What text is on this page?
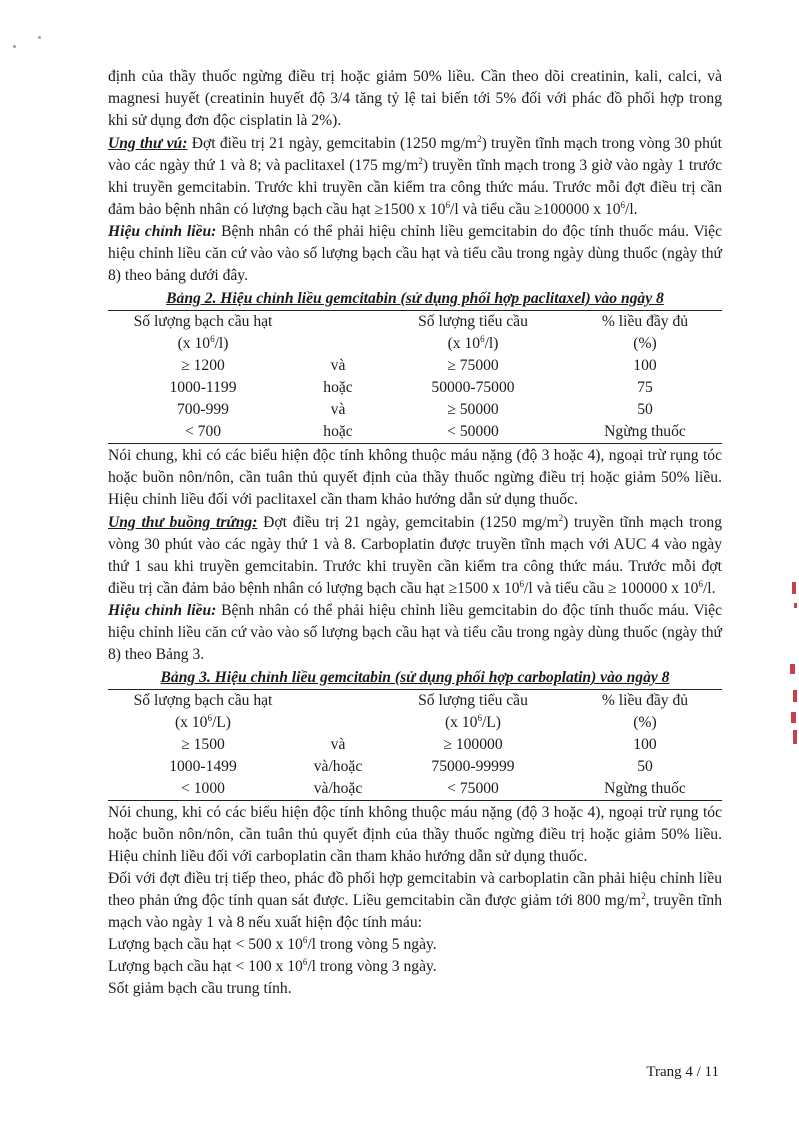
định của thầy thuốc ngừng điều trị hoặc giảm 50% liều. Cần theo dõi creatinin, kali, calci, và magnesi huyết (creatinin huyết độ 3/4 tăng tỷ lệ tai biến tới 5% đối với phác đồ phối hợp trong khi sử dụng đơn độc cisplatin là 2%).

Ung thư vú: Đợt điều trị 21 ngày, gemcitabin (1250 $mg/m^2$) truyền tĩnh mạch trong vòng 30 phút vào các ngày thứ 1 và 8; và paclitaxel (175 $mg/m^2$) truyền tĩnh mạch trong 3 giờ vào ngày 1 trước khi truyền gemcitabin. Trước khi truyền cần kiểm tra công thức máu. Trước mỗi đợt điều trị cần đảm bảo bệnh nhân có lượng bạch cầu hạt ≥1500 x $10^6/l$ và tiểu cầu ≥100000 x $10^6/l$.

Hiệu chỉnh liều: Bệnh nhân có thể phải hiệu chỉnh liều gemcitabin do độc tính thuốc máu. Việc hiệu chỉnh liều căn cứ vào vào số lượng bạch cầu hạt và tiểu cầu trong ngày dùng thuốc (ngày thứ 8) theo bảng dưới đây.

Bảng 2. Hiệu chỉnh liều gemcitabin (sử dụng phối hợp paclitaxel) vào ngày 8
Số lượng bạch cầu hạt		Số lượng tiểu cầu	% liều đầy đủ
(x $10^6/l$)		(x $10^6/l$)	(%)
≥ 1200	và	≥ 75000	100
1000-1199	hoặc	50000-75000	75
700-999	và	≥ 50000	50
< 700	hoặc	< 50000	Ngừng thuốc

Nói chung, khi có các biểu hiện độc tính không thuộc máu nặng (độ 3 hoặc 4), ngoại trừ rụng tóc hoặc buồn nôn/nôn, cần tuân thủ quyết định của thầy thuốc ngừng điều trị hoặc giảm 50% liều. Hiệu chỉnh liều đối với paclitaxel cần tham khảo hướng dẫn sử dụng thuốc.

Ung thư buồng trứng: Đợt điều trị 21 ngày, gemcitabin (1250 $mg/m^2$) truyền tĩnh mạch trong vòng 30 phút vào các ngày thứ 1 và 8. Carboplatin được truyền tĩnh mạch với AUC 4 vào ngày thứ 1 sau khi truyền gemcitabin. Trước khi truyền cần kiểm tra công thức máu. Trước mỗi đợt điều trị cần đảm bảo bệnh nhân có lượng bạch cầu hạt ≥1500 x $10^6/l$ và tiểu cầu ≥ 100000 x $10^6/l$.

Hiệu chỉnh liều: Bệnh nhân có thể phải hiệu chỉnh liều gemcitabin do độc tính thuốc máu. Việc hiệu chỉnh liều căn cứ vào vào số lượng bạch cầu hạt và tiểu cầu trong ngày dùng thuốc (ngày thứ 8) theo Bảng 3.

Bảng 3. Hiệu chỉnh liều gemcitabin (sử dụng phối hợp carboplatin) vào ngày 8
Số lượng bạch cầu hạt		Số lượng tiểu cầu	% liều đầy đủ
(x $10^6/L$)		(x $10^6/L$)	(%)
≥ 1500	và	≥ 100000	100
1000-1499	và/hoặc	75000-99999	50
< 1000	và/hoặc	< 75000	Ngừng thuốc

Nói chung, khi có các biểu hiện độc tính không thuộc máu nặng (độ 3 hoặc 4), ngoại trừ rụng tóc hoặc buồn nôn/nôn, cần tuân thủ quyết định của thầy thuốc ngừng điều trị hoặc giảm 50% liều. Hiệu chỉnh liều đối với carboplatin cần tham khảo hướng dẫn sử dụng thuốc.

Đối với đợt điều trị tiếp theo, phác đồ phối hợp gemcitabin và carboplatin cần phải hiệu chỉnh liều theo phản ứng độc tính quan sát được. Liều gemcitabin cần được giảm tới 800 $mg/m^2$, truyền tĩnh mạch vào ngày 1 và 8 nếu xuất hiện độc tính máu:

Lượng bạch cầu hạt < 500 x $10^6/l$ trong vòng 5 ngày.

Lượng bạch cầu hạt < 100 x $10^6/l$ trong vòng 3 ngày.

Sốt giảm bạch cầu trung tính.

Trang 4 / 11
